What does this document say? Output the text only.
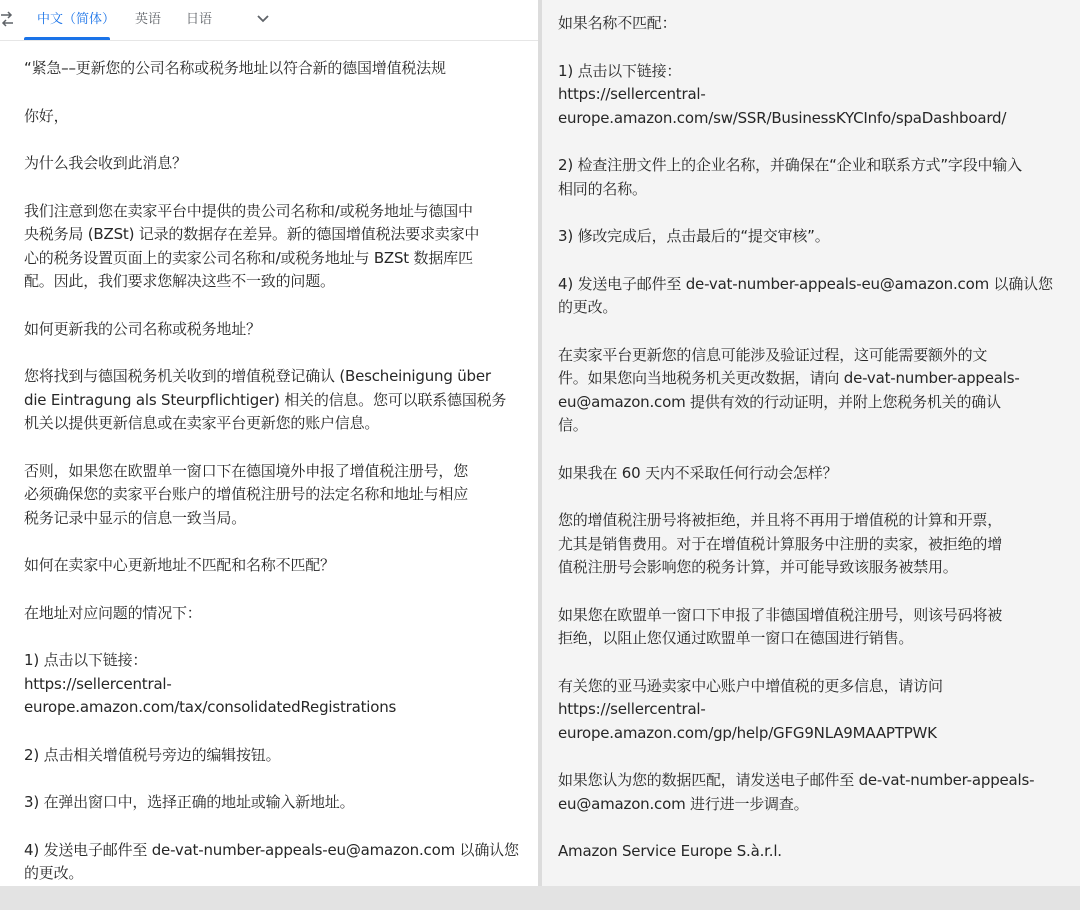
中文（简体） 英语 日语

“紧急––更新您的公司名称或税务地址以符合新的德国增值税法规

你好，

为什么我会收到此消息？

我们注意到您在卖家平台中提供的贵公司名称和/或税务地址与德国中
央税务局 (BZSt) 记录的数据存在差异。新的德国增值税法要求卖家中
心的税务设置页面上的卖家公司名称和/或税务地址与 BZSt 数据库匹
配。因此，我们要求您解决这些不一致的问题。

如何更新我的公司名称或税务地址？

您将找到与德国税务机关收到的增值税登记确认 (Bescheinigung über
die Eintragung als Steurpflichtiger) 相关的信息。您可以联系德国税务
机关以提供更新信息或在卖家平台更新您的账户信息。

否则，如果您在欧盟单一窗口下在德国境外申报了增值税注册号，您
必须确保您的卖家平台账户的增值税注册号的法定名称和地址与相应
税务记录中显示的信息一致当局。

如何在卖家中心更新地址不匹配和名称不匹配？

在地址对应问题的情况下：

1) 点击以下链接：
https://sellercentral-
europe.amazon.com/tax/consolidatedRegistrations

2) 点击相关增值税号旁边的编辑按钮。

3) 在弹出窗口中，选择正确的地址或输入新地址。

4) 发送电子邮件至 de-vat-number-appeals-eu@amazon.com 以确认您
的更改。

如果名称不匹配：

1) 点击以下链接：
https://sellercentral-
europe.amazon.com/sw/SSR/BusinessKYCInfo/spaDashboard/

2) 检查注册文件上的企业名称，并确保在“企业和联系方式”字段中输入
相同的名称。

3) 修改完成后，点击最后的“提交审核”。

4) 发送电子邮件至 de-vat-number-appeals-eu@amazon.com 以确认您
的更改。

在卖家平台更新您的信息可能涉及验证过程，这可能需要额外的文
件。如果您向当地税务机关更改数据，请向 de-vat-number-appeals-
eu@amazon.com 提供有效的行动证明，并附上您税务机关的确认
信。

如果我在 60 天内不采取任何行动会怎样？

您的增值税注册号将被拒绝，并且将不再用于增值税的计算和开票，
尤其是销售费用。对于在增值税计算服务中注册的卖家，被拒绝的增
值税注册号会影响您的税务计算，并可能导致该服务被禁用。

如果您在欧盟单一窗口下申报了非德国增值税注册号，则该号码将被
拒绝，以阻止您仅通过欧盟单一窗口在德国进行销售。

有关您的亚马逊卖家中心账户中增值税的更多信息，请访问
https://sellercentral-
europe.amazon.com/gp/help/GFG9NLA9MAAPTPWK

如果您认为您的数据匹配，请发送电子邮件至 de-vat-number-appeals-
eu@amazon.com 进行进一步调查。

Amazon Service Europe S.à.r.l.
